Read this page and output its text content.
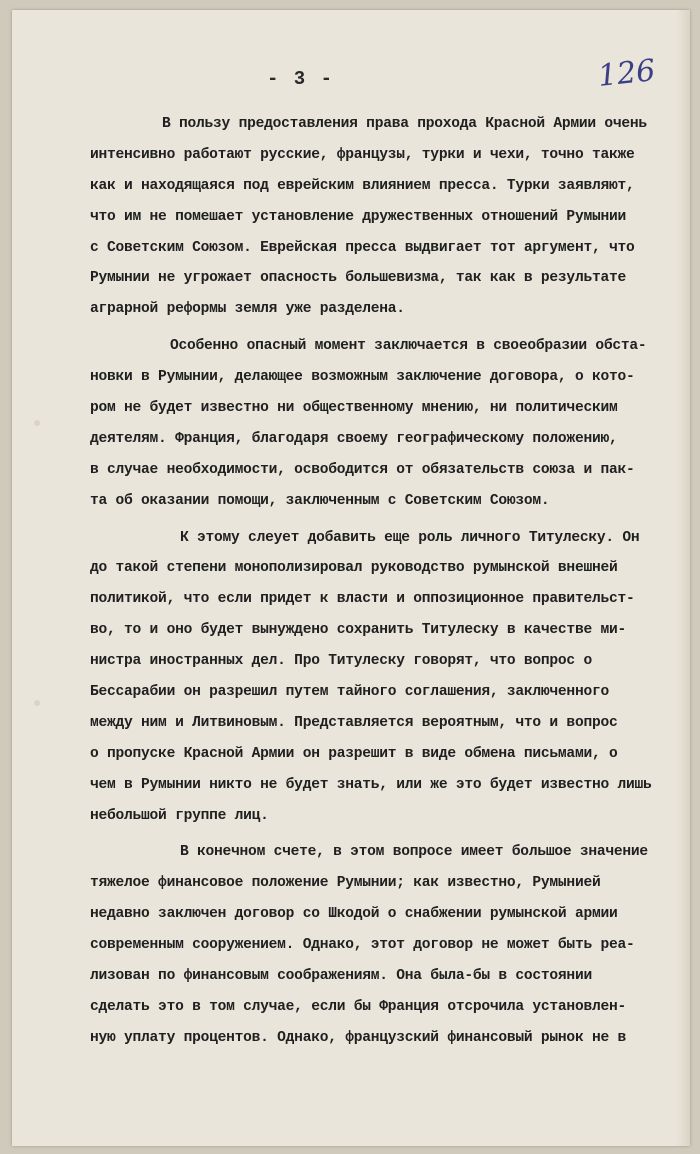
- 3 -	126
В пользу предоставления права прохода Красной Армии очень
интенсивно работают русские, французы, турки и чехи, точно также
как и находящаяся под еврейским влиянием пресса. Турки заявляют,
что им не помешает установление дружественных отношений Румынии
с Советским Союзом. Еврейская пресса выдвигает тот аргумент, что
Румынии не угрожает опасность большевизма, так как в результате
аграрной реформы земля уже разделена.
Особенно опасный момент заключается в своеобразии обста-
новки в Румынии, делающее возможным заключение договора, о кото-
ром не будет известно ни общественному мнению, ни политическим
деятелям. Франция, благодаря своему географическому положению,
в случае необходимости, освободится от обязательств союза и пак-
та об оказании помощи, заключенным с Советским Союзом.
К этому слеует добавить еще роль личного Титулеску. Он
до такой степени монополизировал руководство румынской внешней
политикой, что если придет к власти и оппозиционное правительст-
во, то и оно будет вынуждено сохранить Титулеску в качестве ми-
нистра иностранных дел. Про Титулеску говорят, что вопрос о
Бессарабии он разрешил путем тайного соглашения, заключенного
между ним и Литвиновым. Представляется вероятным, что и вопрос
о пропуске Красной Армии он разрешит в виде обмена письмами, о
чем в Румынии никто не будет знать, или же это будет известно лишь
небольшой группе лиц.
В конечном счете, в этом вопросе имеет большое значение
тяжелое финансовое положение Румынии; как известно, Румынией
недавно заключен договор со Шкодой о снабжении румынской армии
современным сооружением. Однако, этот договор не может быть реа-
лизован по финансовым соображениям. Она была-бы в состоянии
сделать это в том случае, если бы Франция отсрочила установлен-
ную уплату процентов. Однако, французский финансовый рынок не в
